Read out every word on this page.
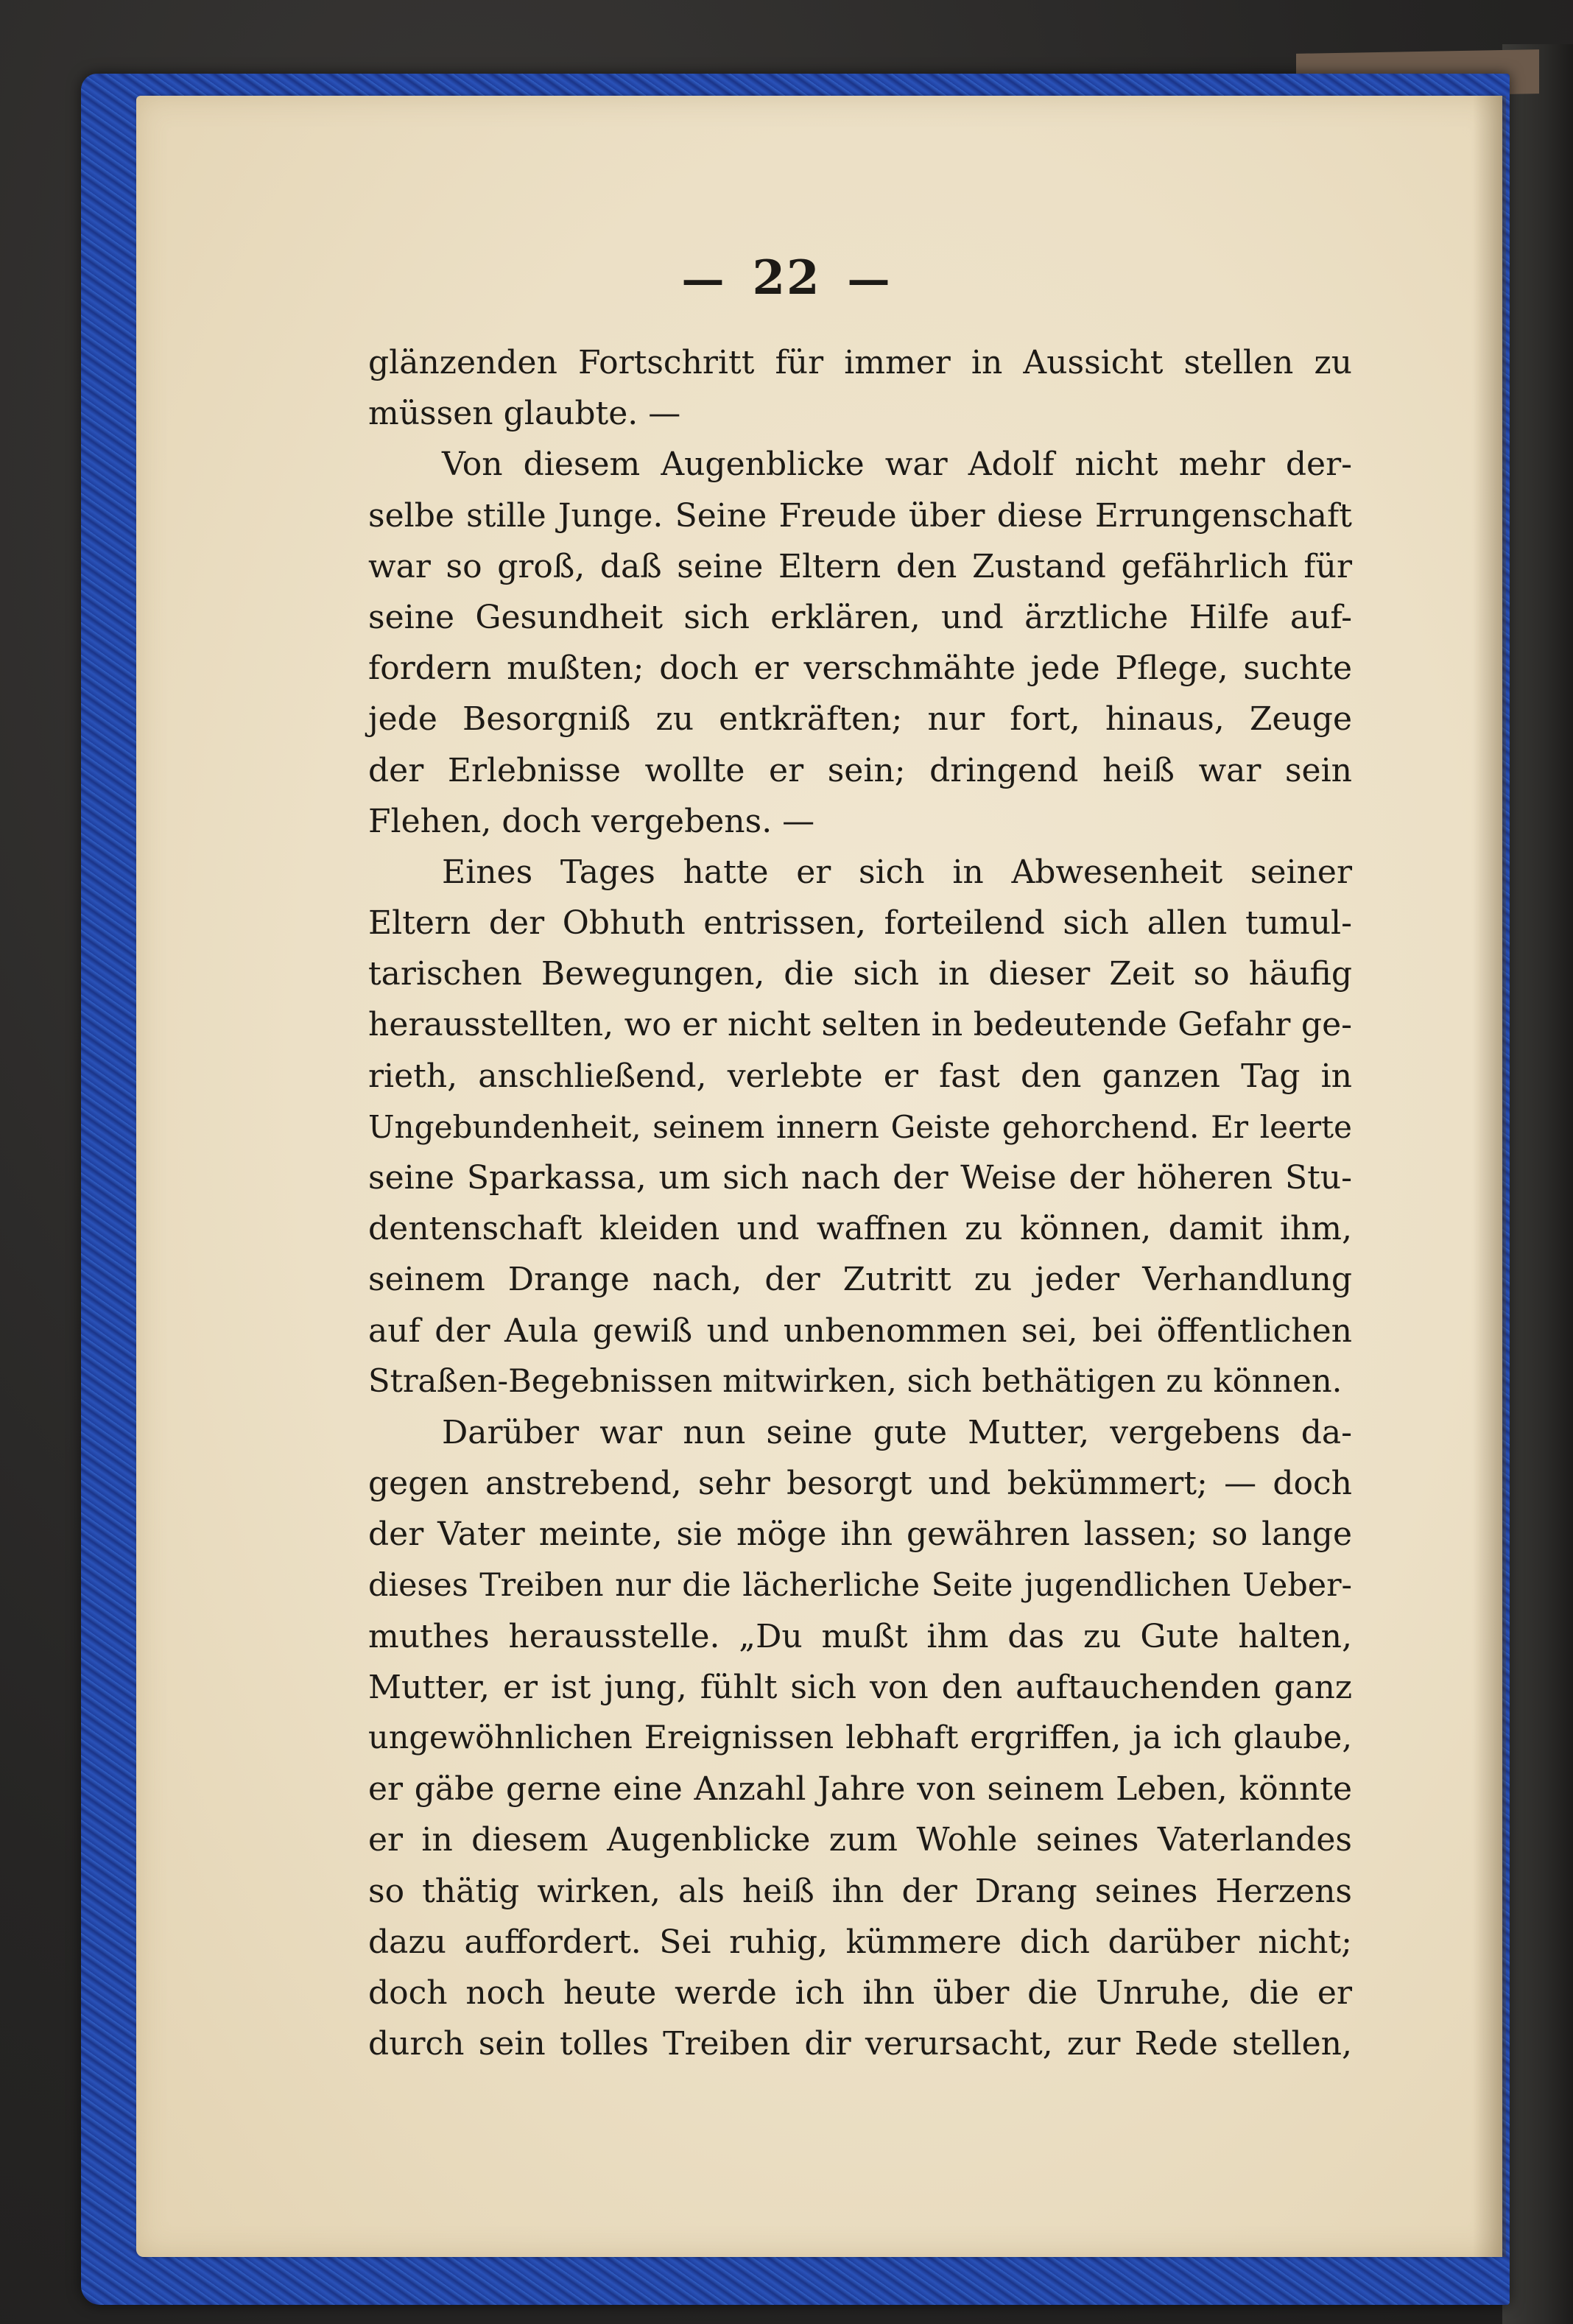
— 22 —

glänzenden Fortschritt für immer in Aussicht stellen zu
müssen glaubte. —
Von diesem Augenblicke war Adolf nicht mehr der-
selbe stille Junge. Seine Freude über diese Errungenschaft
war so groß, daß seine Eltern den Zustand gefährlich für
seine Gesundheit sich erklären, und ärztliche Hilfe auf-
fordern mußten; doch er verschmähte jede Pflege, suchte
jede Besorgniß zu entkräften; nur fort, hinaus, Zeuge
der Erlebnisse wollte er sein; dringend heiß war sein
Flehen, doch vergebens. —
Eines Tages hatte er sich in Abwesenheit seiner
Eltern der Obhuth entrissen, forteilend sich allen tumul-
tarischen Bewegungen, die sich in dieser Zeit so häufig
herausstellten, wo er nicht selten in bedeutende Gefahr ge-
rieth, anschließend, verlebte er fast den ganzen Tag in
Ungebundenheit, seinem innern Geiste gehorchend. Er leerte
seine Sparkassa, um sich nach der Weise der höheren Stu-
dentenschaft kleiden und waffnen zu können, damit ihm,
seinem Drange nach, der Zutritt zu jeder Verhandlung
auf der Aula gewiß und unbenommen sei, bei öffentlichen
Straßen-Begebnissen mitwirken, sich bethätigen zu können.
Darüber war nun seine gute Mutter, vergebens da-
gegen anstrebend, sehr besorgt und bekümmert; — doch
der Vater meinte, sie möge ihn gewähren lassen; so lange
dieses Treiben nur die lächerliche Seite jugendlichen Ueber-
muthes herausstelle. „Du mußt ihm das zu Gute halten,
Mutter, er ist jung, fühlt sich von den auftauchenden ganz
ungewöhnlichen Ereignissen lebhaft ergriffen, ja ich glaube,
er gäbe gerne eine Anzahl Jahre von seinem Leben, könnte
er in diesem Augenblicke zum Wohle seines Vaterlandes
so thätig wirken, als heiß ihn der Drang seines Herzens
dazu auffordert. Sei ruhig, kümmere dich darüber nicht;
doch noch heute werde ich ihn über die Unruhe, die er
durch sein tolles Treiben dir verursacht, zur Rede stellen,
